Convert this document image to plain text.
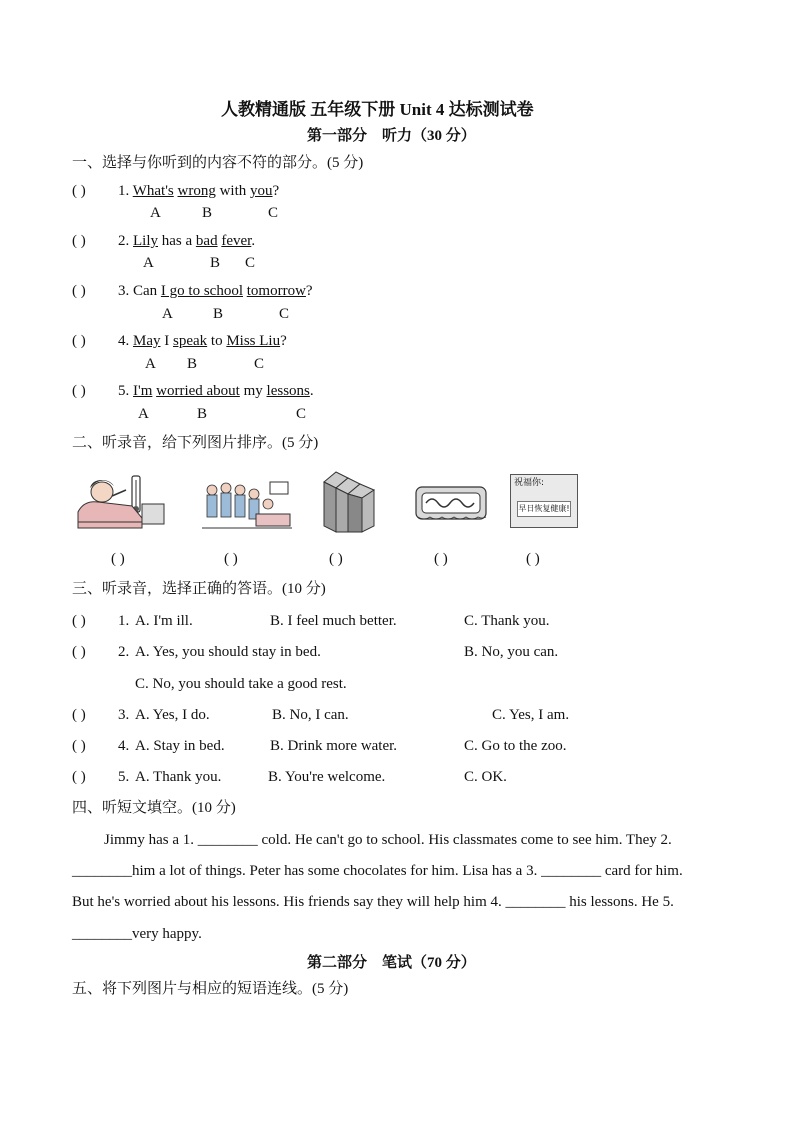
人教精通版 五年级下册 Unit 4 达标测试卷
第一部分　听力（30 分）
一、选择与你听到的内容不符的部分。(5 分)
( ) 1. What's wrong with you?
A	B	C
( ) 2. Lily has a bad fever.
A	B C
( ) 3. Can I go to school tomorrow?
A	B	C
( ) 4. May I speak to Miss Liu?
A B	C
( ) 5. I'm worried about my lessons.
A	B	C
二、听录音，给下列图片排序。(5 分)
祝福你:
早日恢复健康!
( )	( )	( )	( )	( )
三、听录音，选择正确的答语。(10 分)
( ) 1. A. I'm ill.	B. I feel much better.	C. Thank you.
( ) 2. A. Yes, you should stay in bed.	B. No, you can.
C. No, you should take a good rest.
( ) 3. A. Yes, I do.	B. No, I can.	C. Yes, I am.
( ) 4. A. Stay in bed.	B. Drink more water.	C. Go to the zoo.
( ) 5. A. Thank you.	B. You're welcome.	C. OK.
四、听短文填空。(10 分)
Jimmy has a 1. ________ cold. He can't go to school. His classmates come to see him. They 2.
________him a lot of things. Peter has some chocolates for him. Lisa has a 3. ________ card for him.
But he's worried about his lessons. His friends say they will help him 4. ________ his lessons. He 5.
________very happy.
第二部分　笔试（70 分）
五、将下列图片与相应的短语连线。(5 分)
